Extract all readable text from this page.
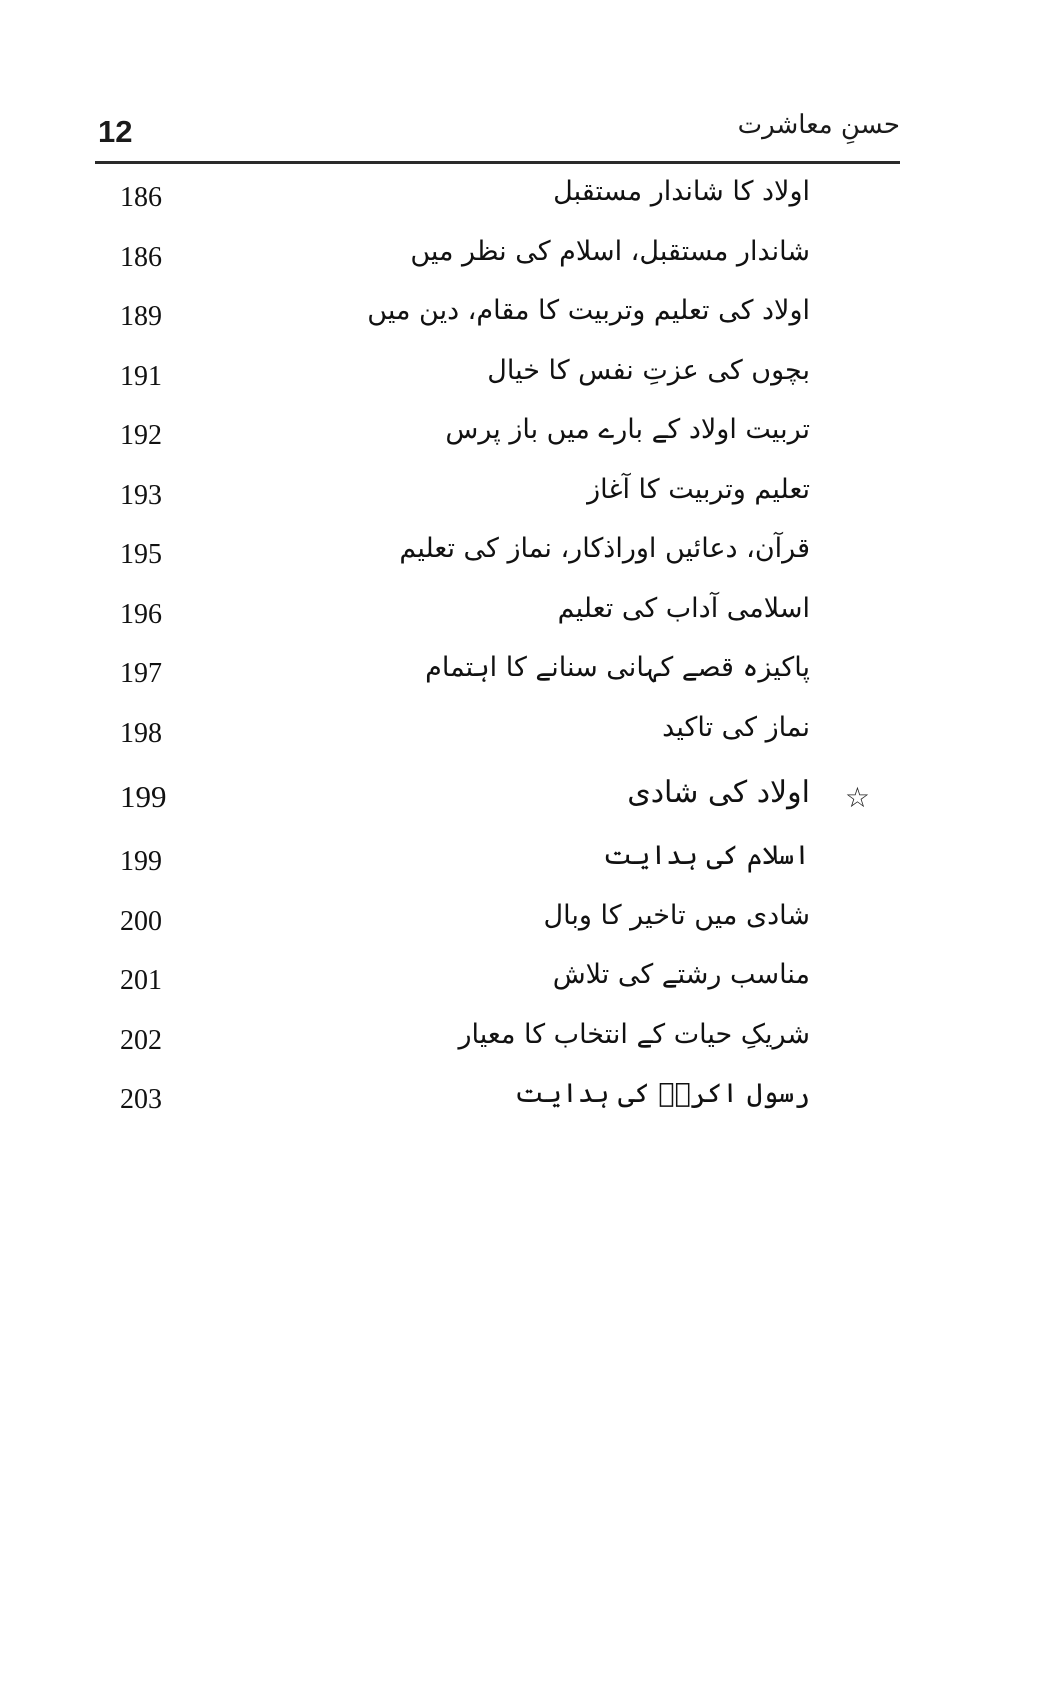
12	حسنِ معاشرت
186	اولاد کا شاندار مستقبل
186	شاندار مستقبل، اسلام کی نظر میں
189	اولاد کی تعلیم وتربیت کا مقام، دین میں
191	بچوں کی عزتِ نفس کا خیال
192	تربیت اولاد کے بارے میں باز پرس
193	تعلیم وتربیت کا آغاز
195	قرآن، دعائیں اوراذکار، نماز کی تعلیم
196	اسلامی آداب کی تعلیم
197	پاکیزہ قصے کہانی سنانے کا اہتمام
198	نماز کی تاکید
199	اولاد کی شادی ☆
199	اسلام کی ہدایت
200	شادی میں تاخیر کا وبال
201	مناسب رشتے کی تلاش
202	شریکِ حیات کے انتخاب کا معیار
203	رسول اکرمؐ کی ہدایت
